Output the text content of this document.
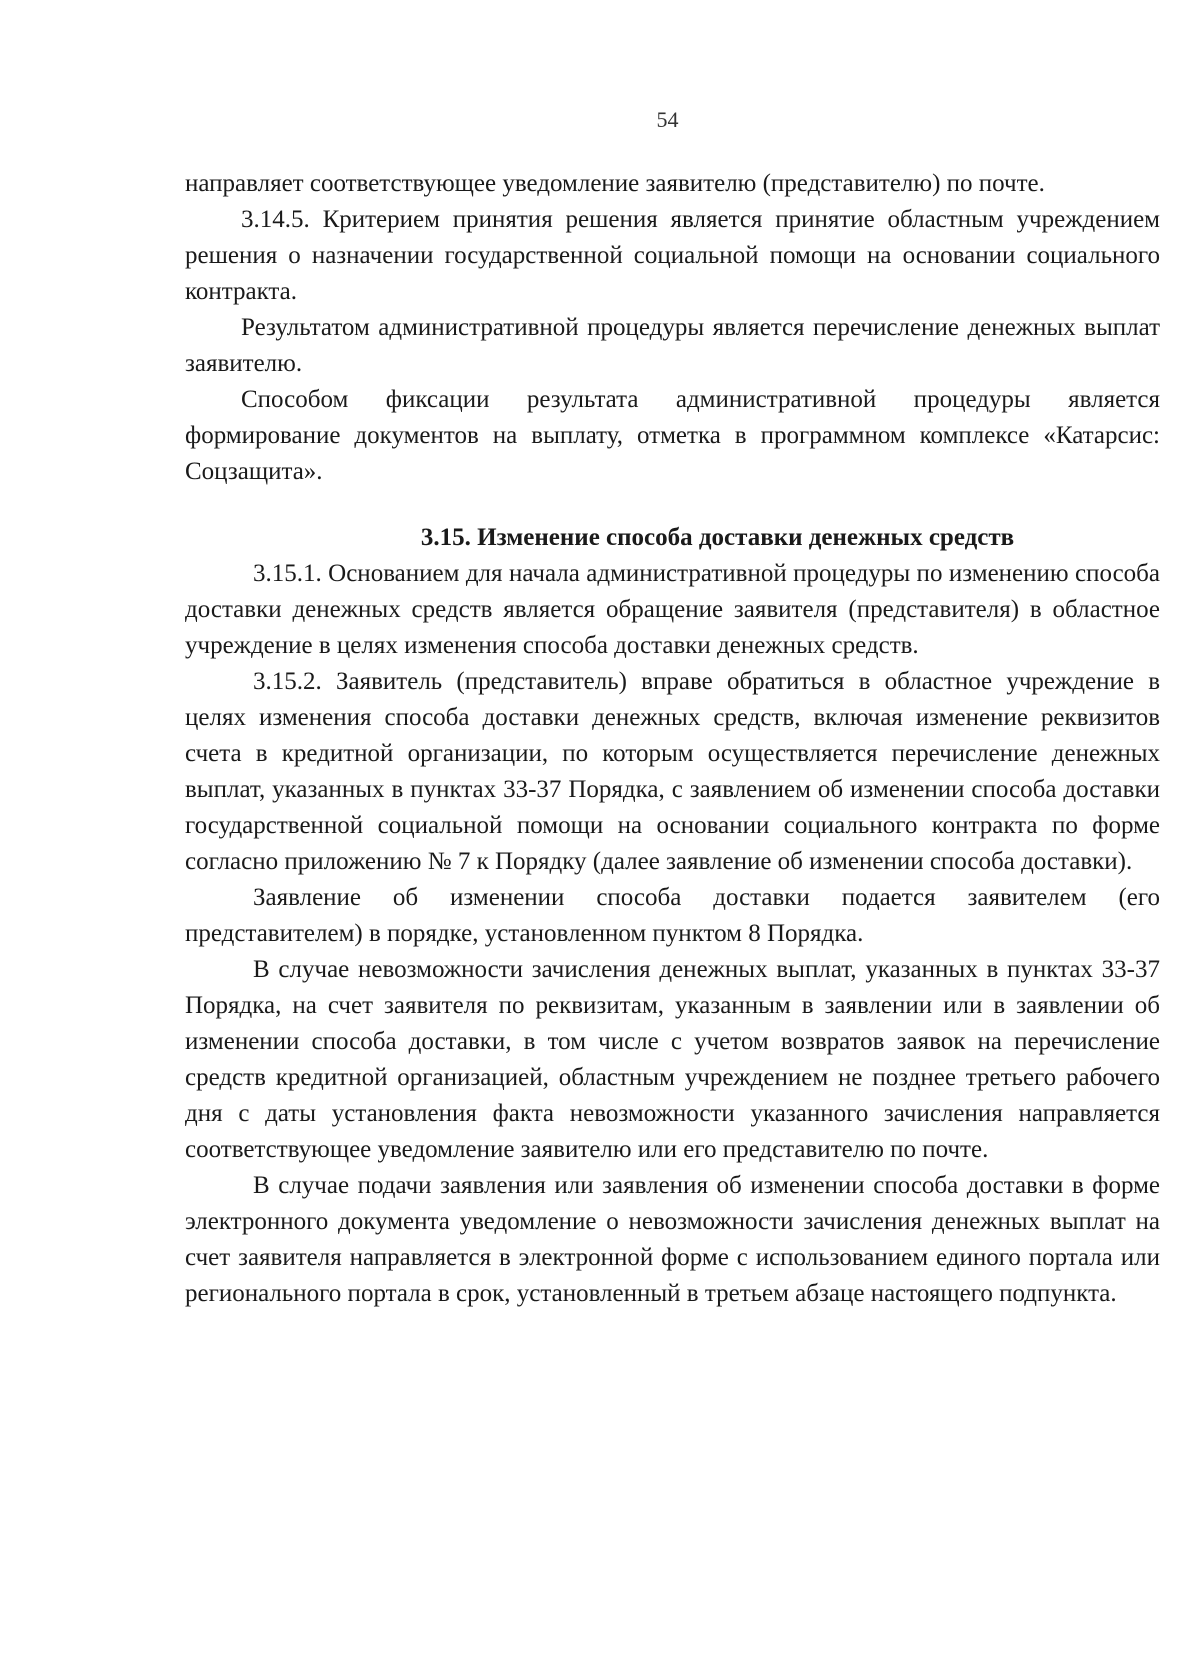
54

направляет соответствующее уведомление заявителю (представителю) по почте.

3.14.5. Критерием принятия решения является принятие областным учреждением решения о назначении государственной социальной помощи на основании социального контракта.

Результатом административной процедуры является перечисление денежных выплат заявителю.

Способом фиксации результата административной процедуры является формирование документов на выплату, отметка в программном комплексе «Катарсис: Соцзащита».

3.15. Изменение способа доставки денежных средств

3.15.1. Основанием для начала административной процедуры по изменению способа доставки денежных средств является обращение заявителя (представителя) в областное учреждение в целях изменения способа доставки денежных средств.

3.15.2. Заявитель (представитель) вправе обратиться в областное учреждение в целях изменения способа доставки денежных средств, включая изменение реквизитов счета в кредитной организации, по которым осуществляется перечисление денежных выплат, указанных в пунктах 33-37 Порядка, с заявлением об изменении способа доставки государственной социальной помощи на основании социального контракта по форме согласно приложению № 7 к Порядку (далее заявление об изменении способа доставки).

Заявление об изменении способа доставки подается заявителем (его представителем) в порядке, установленном пунктом 8 Порядка.

В случае невозможности зачисления денежных выплат, указанных в пунктах 33-37 Порядка, на счет заявителя по реквизитам, указанным в заявлении или в заявлении об изменении способа доставки, в том числе с учетом возвратов заявок на перечисление средств кредитной организацией, областным учреждением не позднее третьего рабочего дня с даты установления факта невозможности указанного зачисления направляется соответствующее уведомление заявителю или его представителю по почте.

В случае подачи заявления или заявления об изменении способа доставки в форме электронного документа уведомление о невозможности зачисления денежных выплат на счет заявителя направляется в электронной форме с использованием единого портала или регионального портала в срок, установленный в третьем абзаце настоящего подпункта.
